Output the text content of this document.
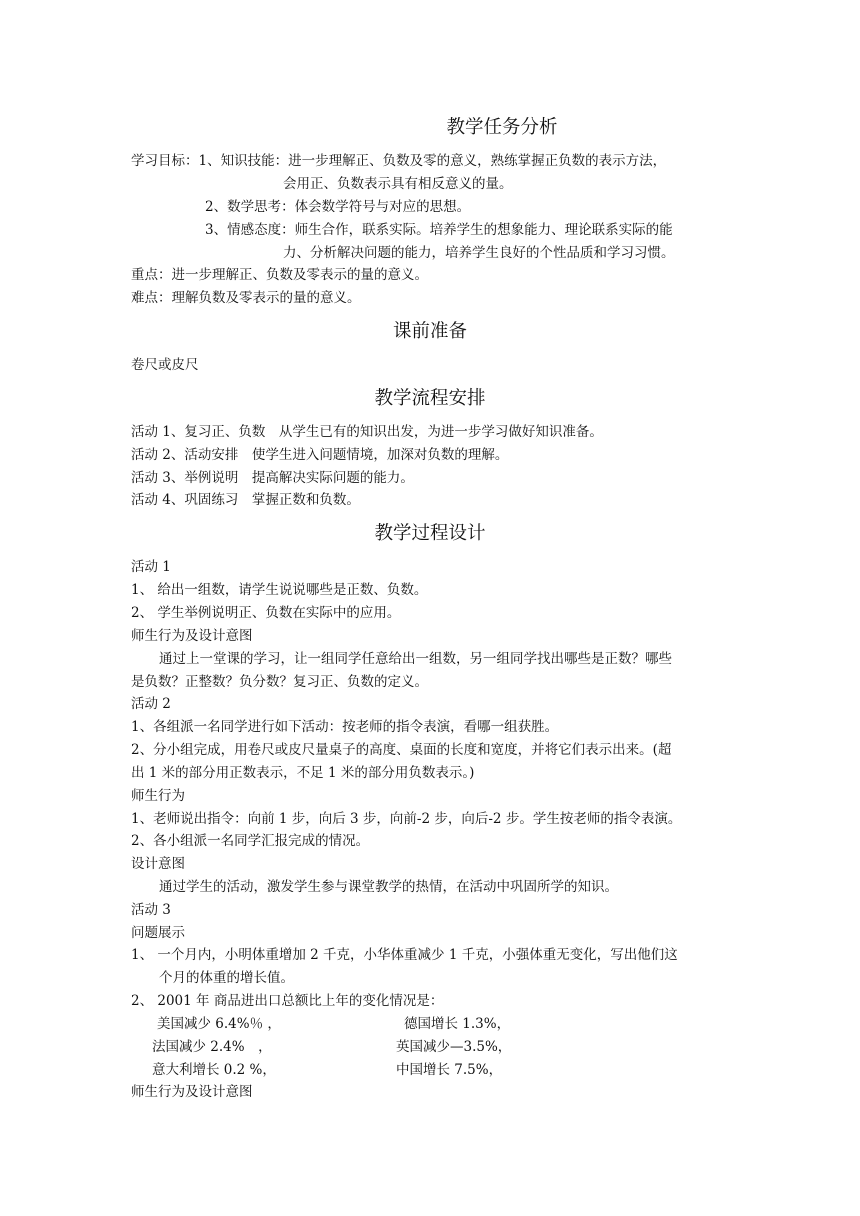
教学任务分析
学习目标：1、知识技能：进一步理解正、负数及零的意义，熟练掌握正负数的表示方法，
会用正、负数表示具有相反意义的量。
2、数学思考：体会数学符号与对应的思想。
3、情感态度：师生合作，联系实际。培养学生的想象能力、理论联系实际的能
力、分析解决问题的能力，培养学生良好的个性品质和学习习惯。
重点：进一步理解正、负数及零表示的量的意义。
难点：理解负数及零表示的量的意义。
课前准备
卷尺或皮尺
教学流程安排
活动 1、复习正、负数　从学生已有的知识出发，为进一步学习做好知识准备。
活动 2、活动安排　使学生进入问题情境，加深对负数的理解。
活动 3、举例说明　提高解决实际问题的能力。
活动 4、巩固练习　掌握正数和负数。
教学过程设计
活动 1
1、 给出一组数，请学生说说哪些是正数、负数。
2、 学生举例说明正、负数在实际中的应用。
师生行为及设计意图
通过上一堂课的学习，让一组同学任意给出一组数，另一组同学找出哪些是正数？哪些
是负数？正整数？负分数？复习正、负数的定义。
活动 2
1、各组派一名同学进行如下活动：按老师的指令表演，看哪一组获胜。
2、分小组完成，用卷尺或皮尺量桌子的高度、桌面的长度和宽度，并将它们表示出来。(超
出 1 米的部分用正数表示，不足 1 米的部分用负数表示。)
师生行为
1、老师说出指令：向前 1 步，向后 3 步，向前-2 步，向后-2 步。学生按老师的指令表演。
2、各小组派一名同学汇报完成的情况。
设计意图
通过学生的活动，激发学生参与课堂教学的热情，在活动中巩固所学的知识。
活动 3
问题展示
1、 一个月内，小明体重增加 2 千克，小华体重减少 1 千克，小强体重无变化，写出他们这
个月的体重的增长值。
2、 2001 年 商品进出口总额比上年的变化情况是：
美国减少 6.4%％ ，	德国增长 1.3%，
法国减少 2.4%　，	英国减少—3.5%，
意大利增长 0.2 %，	中国增长 7.5%，
师生行为及设计意图
